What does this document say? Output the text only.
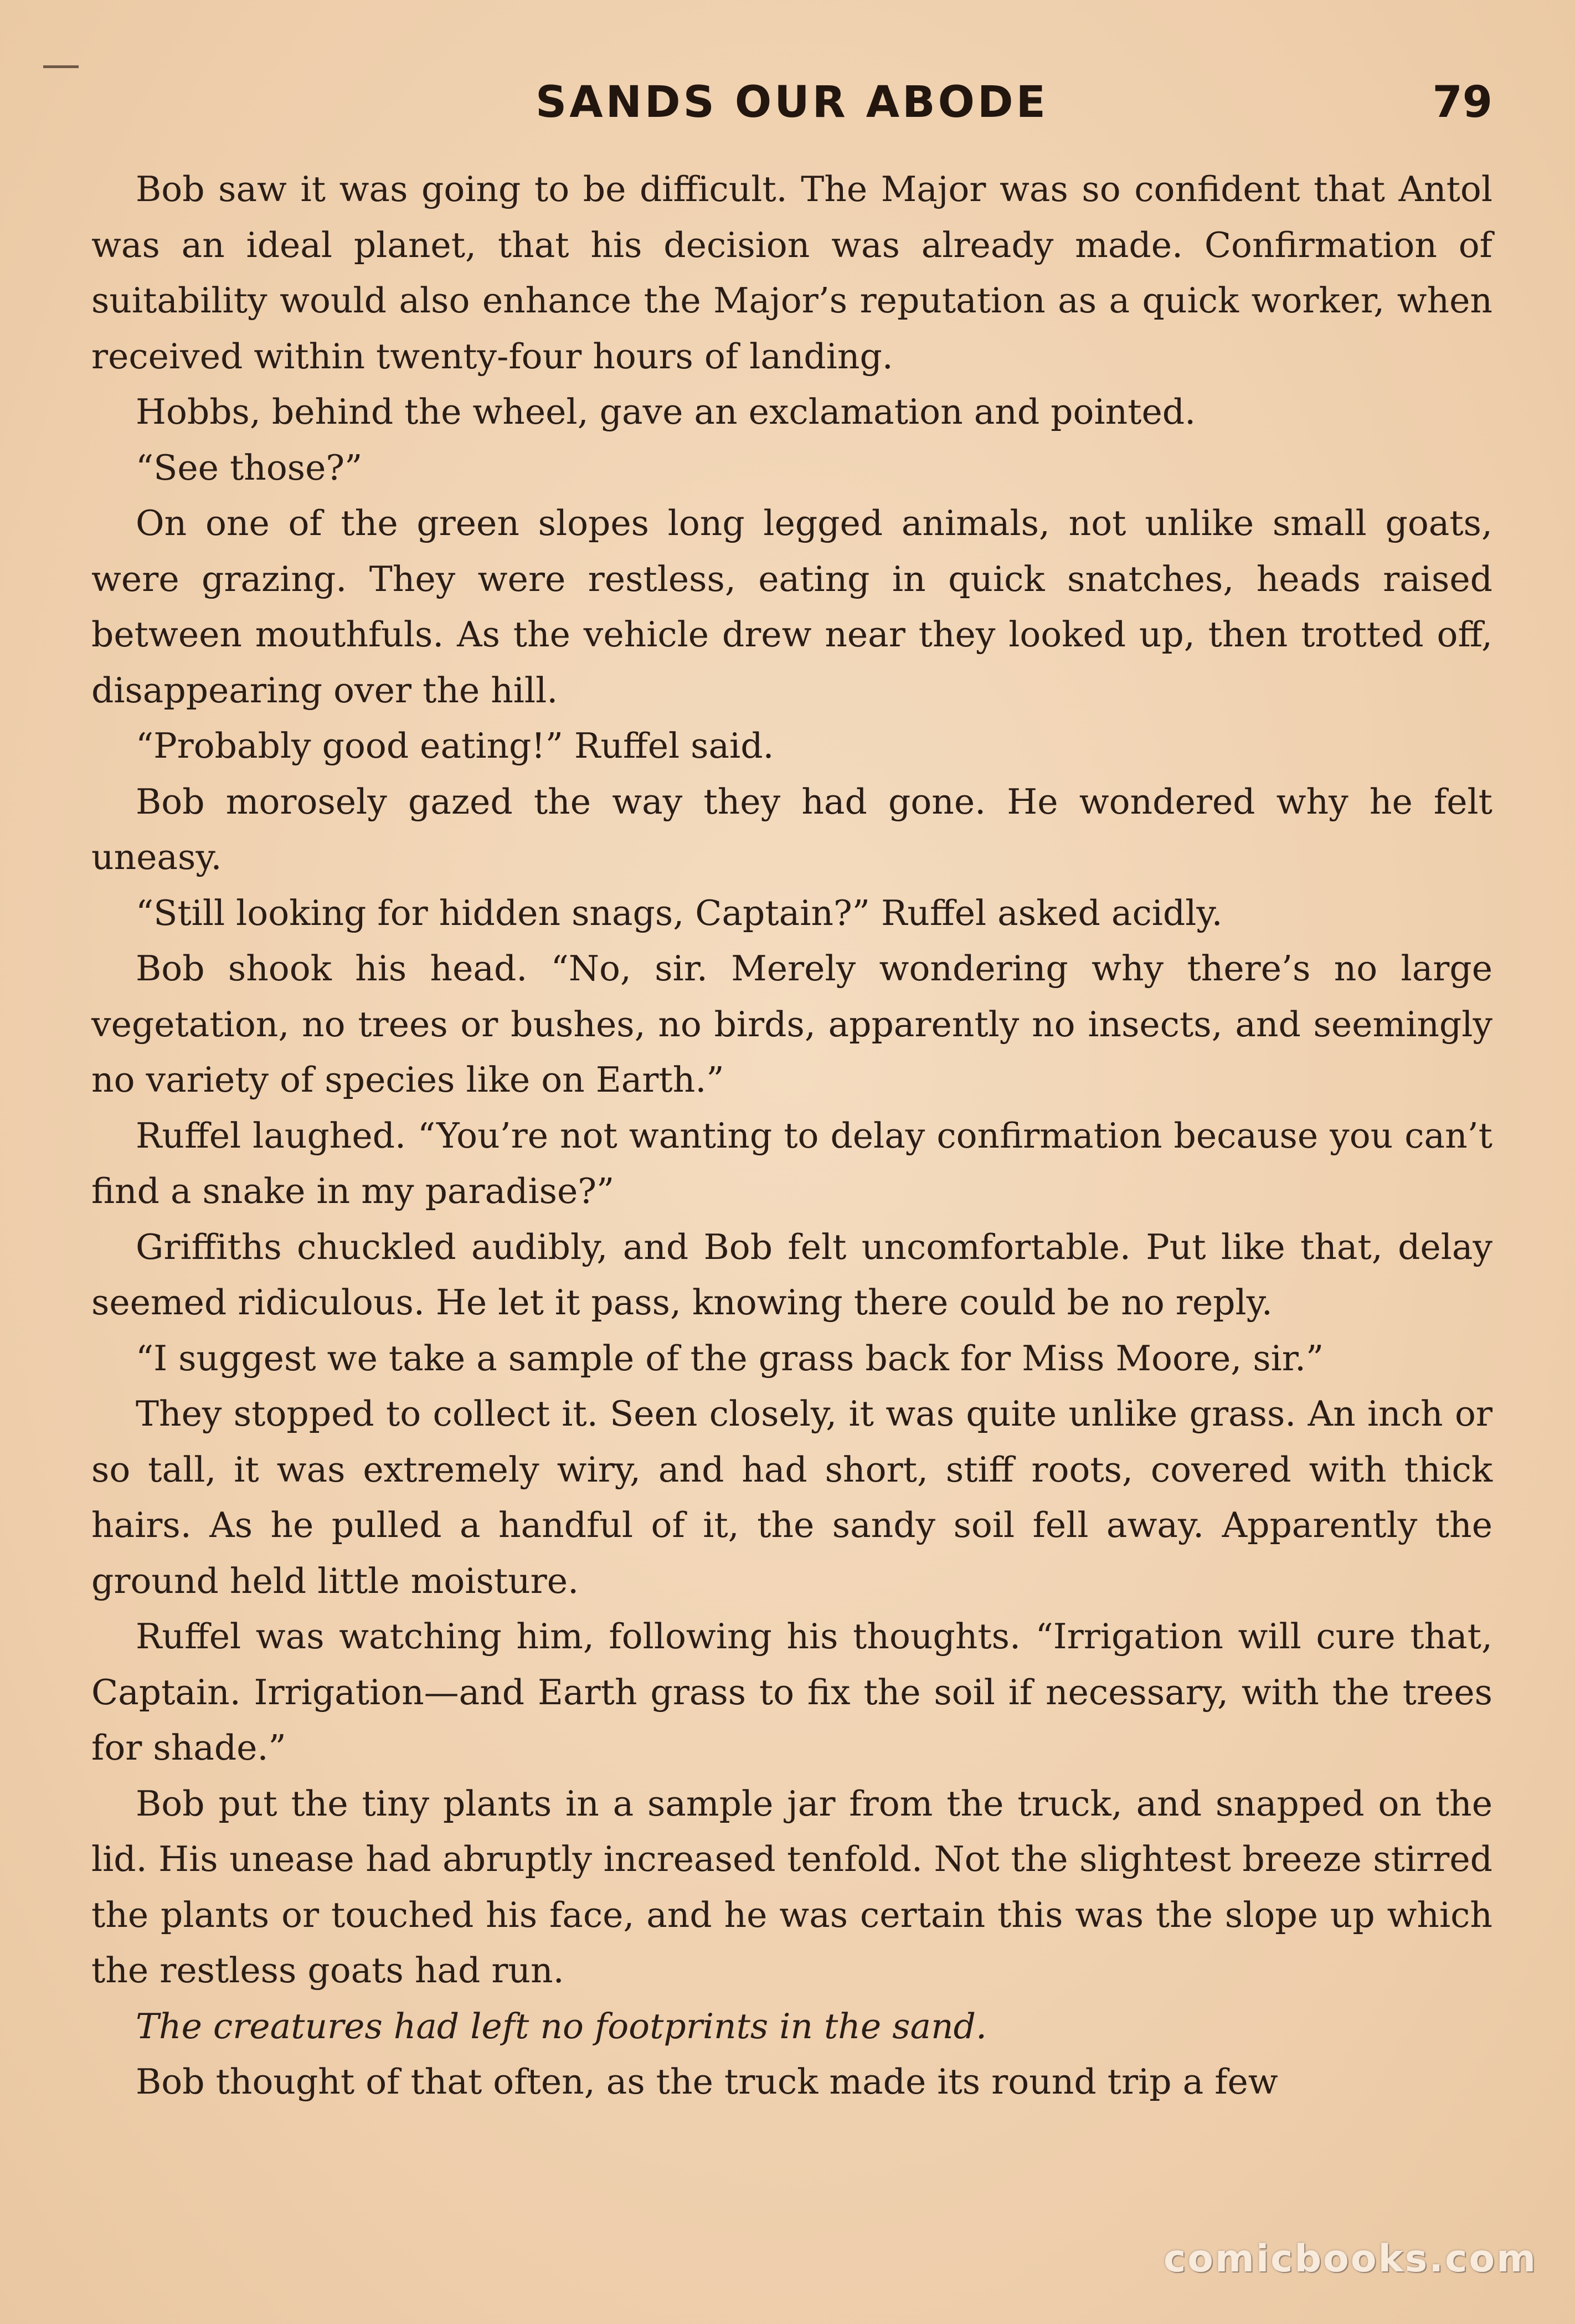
SANDS OUR ABODE	79

Bob saw it was going to be difficult. The Major was so confident that Antol was an ideal planet, that his decision was already made. Confirmation of suitability would also enhance the Major’s reputation as a quick worker, when received within twenty-four hours of landing.

Hobbs, behind the wheel, gave an exclamation and pointed.

“See those?”

On one of the green slopes long legged animals, not unlike small goats, were grazing. They were restless, eating in quick snatches, heads raised between mouthfuls. As the vehicle drew near they looked up, then trotted off, disappearing over the hill.

“Probably good eating!” Ruffel said.

Bob morosely gazed the way they had gone. He wondered why he felt uneasy.

“Still looking for hidden snags, Captain?” Ruffel asked acidly.

Bob shook his head. “No, sir. Merely wondering why there’s no large vegetation, no trees or bushes, no birds, apparently no insects, and seemingly no variety of species like on Earth.”

Ruffel laughed. “You’re not wanting to delay confirmation because you can’t find a snake in my paradise?”

Griffiths chuckled audibly, and Bob felt uncomfortable. Put like that, delay seemed ridiculous. He let it pass, knowing there could be no reply.

“I suggest we take a sample of the grass back for Miss Moore, sir.”

They stopped to collect it. Seen closely, it was quite unlike grass. An inch or so tall, it was extremely wiry, and had short, stiff roots, covered with thick hairs. As he pulled a handful of it, the sandy soil fell away. Apparently the ground held little moisture.

Ruffel was watching him, following his thoughts. “Irrigation will cure that, Captain. Irrigation—and Earth grass to fix the soil if necessary, with the trees for shade.”

Bob put the tiny plants in a sample jar from the truck, and snapped on the lid. His unease had abruptly increased tenfold. Not the slightest breeze stirred the plants or touched his face, and he was certain this was the slope up which the restless goats had run.

The creatures had left no footprints in the sand.

Bob thought of that often, as the truck made its round trip a few

comicbooks.com
